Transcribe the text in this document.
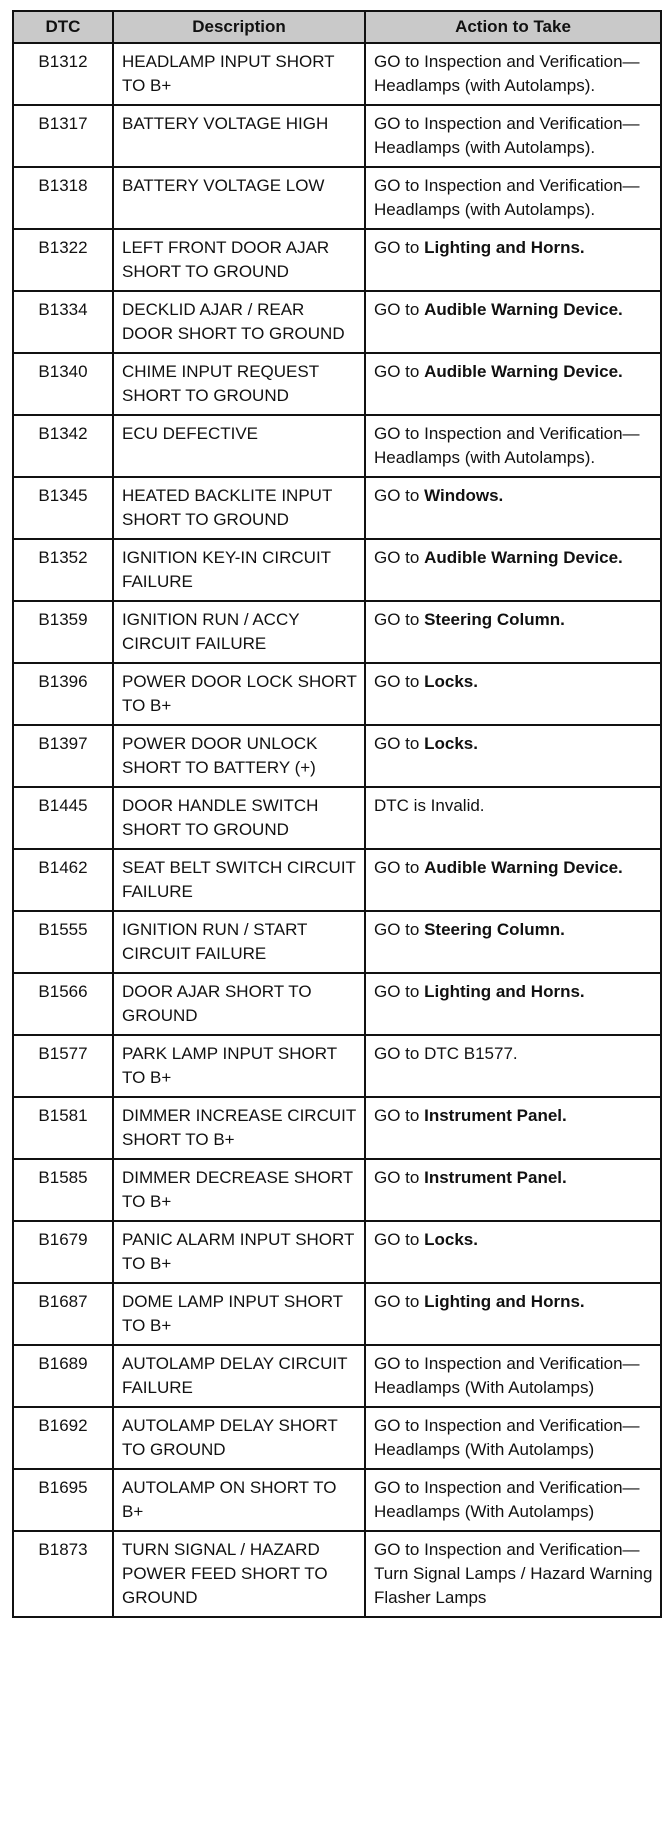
DTC	Description	Action to Take
B1312	HEADLAMP INPUT SHORT TO B+	GO to Inspection and Verification—Headlamps (with Autolamps).
B1317	BATTERY VOLTAGE HIGH	GO to Inspection and Verification—Headlamps (with Autolamps).
B1318	BATTERY VOLTAGE LOW	GO to Inspection and Verification—Headlamps (with Autolamps).
B1322	LEFT FRONT DOOR AJAR SHORT TO GROUND	GO to Lighting and Horns.
B1334	DECKLID AJAR / REAR DOOR SHORT TO GROUND	GO to Audible Warning Device.
B1340	CHIME INPUT REQUEST SHORT TO GROUND	GO to Audible Warning Device.
B1342	ECU DEFECTIVE	GO to Inspection and Verification—Headlamps (with Autolamps).
B1345	HEATED BACKLITE INPUT SHORT TO GROUND	GO to Windows.
B1352	IGNITION KEY-IN CIRCUIT FAILURE	GO to Audible Warning Device.
B1359	IGNITION RUN / ACCY CIRCUIT FAILURE	GO to Steering Column.
B1396	POWER DOOR LOCK SHORT TO B+	GO to Locks.
B1397	POWER DOOR UNLOCK SHORT TO BATTERY (+)	GO to Locks.
B1445	DOOR HANDLE SWITCH SHORT TO GROUND	DTC is Invalid.
B1462	SEAT BELT SWITCH CIRCUIT FAILURE	GO to Audible Warning Device.
B1555	IGNITION RUN / START CIRCUIT FAILURE	GO to Steering Column.
B1566	DOOR AJAR SHORT TO GROUND	GO to Lighting and Horns.
B1577	PARK LAMP INPUT SHORT TO B+	GO to DTC B1577.
B1581	DIMMER INCREASE CIRCUIT SHORT TO B+	GO to Instrument Panel.
B1585	DIMMER DECREASE SHORT TO B+	GO to Instrument Panel.
B1679	PANIC ALARM INPUT SHORT TO B+	GO to Locks.
B1687	DOME LAMP INPUT SHORT TO B+	GO to Lighting and Horns.
B1689	AUTOLAMP DELAY CIRCUIT FAILURE	GO to Inspection and Verification—Headlamps (With Autolamps)
B1692	AUTOLAMP DELAY SHORT TO GROUND	GO to Inspection and Verification—Headlamps (With Autolamps)
B1695	AUTOLAMP ON SHORT TO B+	GO to Inspection and Verification—Headlamps (With Autolamps)
B1873	TURN SIGNAL / HAZARD POWER FEED SHORT TO GROUND	GO to Inspection and Verification—Turn Signal Lamps / Hazard Warning Flasher Lamps
